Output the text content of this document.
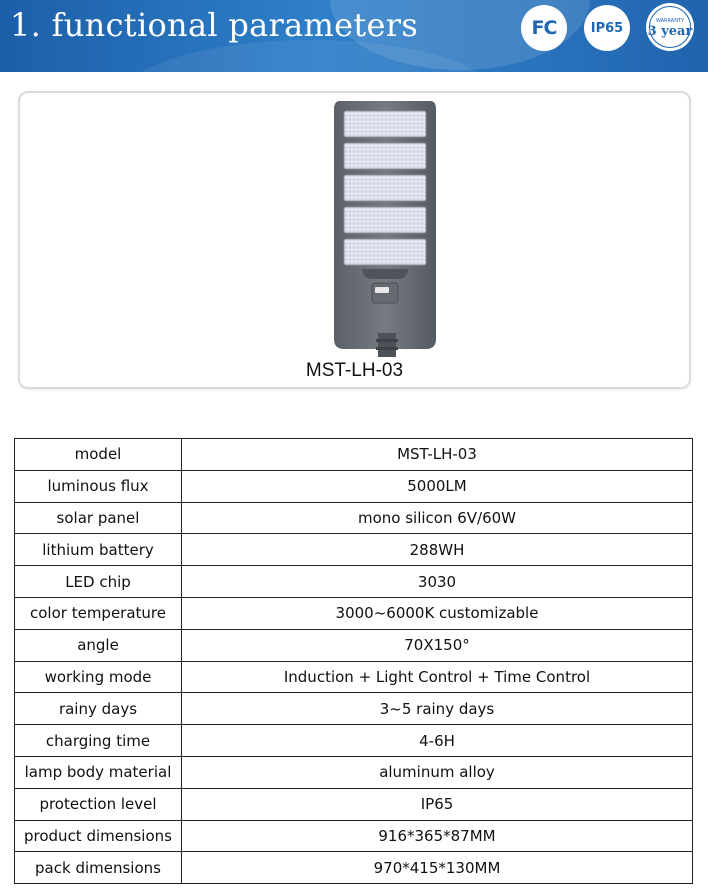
1. functional parameters	FC	IP65	WARRANTY
3 year
MST-LH-03
model	MST-LH-03
luminous flux	5000LM
solar panel	mono silicon 6V/60W
lithium battery	288WH
LED chip	3030
color temperature	3000~6000K customizable
angle	70X150°
working mode	Induction + Light Control + Time Control
rainy days	3~5 rainy days
charging time	4-6H
lamp body material	aluminum alloy
protection level	IP65
product dimensions	916*365*87MM
pack dimensions	970*415*130MM
